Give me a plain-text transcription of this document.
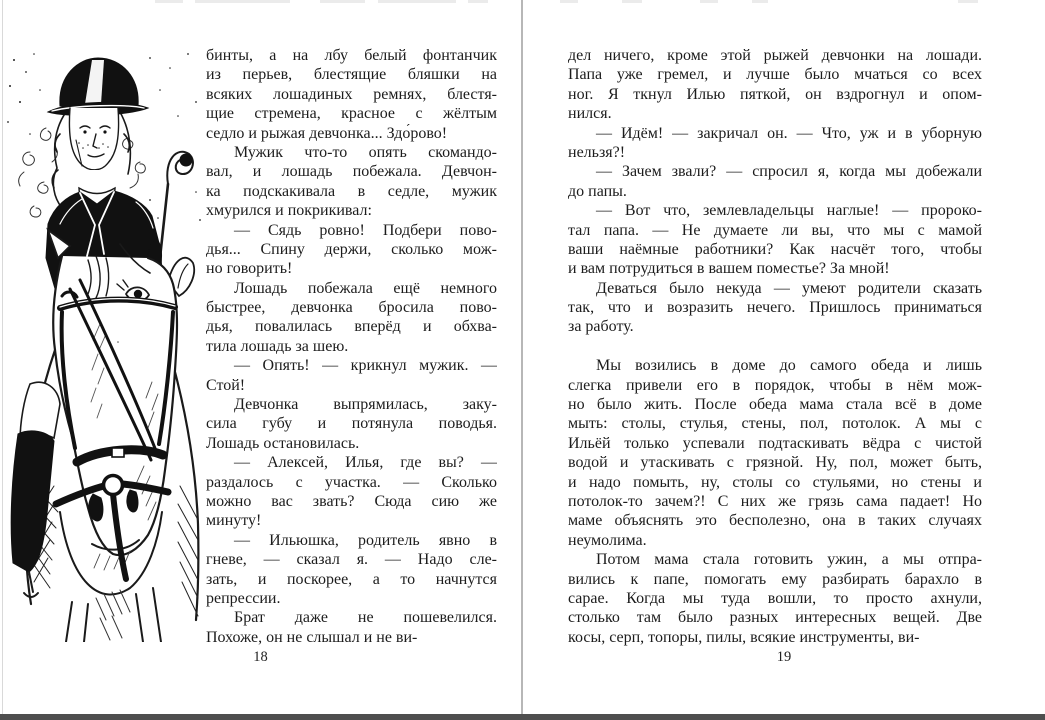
бинты, а на лбу белый фонтанчик
из перьев, блестящие бляшки на
всяких лошадиных ремнях, блестя-
щие стремена, красное с жёлтым
седло и рыжая девчонка... Здо́рово!
Мужик что-то опять скомандо-
вал, и лошадь побежала. Девчон-
ка подскакивала в седле, мужик
хмурился и покрикивал:
— Сядь ровно! Подбери пово-
дья... Спину держи, сколько мож-
но говорить!
Лошадь побежала ещё немного
быстрее, девчонка бросила пово-
дья, повалилась вперёд и обхва-
тила лошадь за шею.
— Опять! — крикнул мужик. —
Стой!
Девчонка выпрямилась, заку-
сила губу и потянула поводья.
Лошадь остановилась.
— Алексей, Илья, где вы? —
раздалось с участка. — Сколько
можно вас звать? Сюда сию же
минуту!
— Ильюшка, родитель явно в
гневе, — сказал я. — Надо сле-
зать, и поскорее, а то начнутся
репрессии.
Брат даже не пошевелился.
Похоже, он не слышал и не ви-
дел ничего, кроме этой рыжей девчонки на лошади.
Папа уже гремел, и лучше было мчаться со всех
ног. Я ткнул Илью пяткой, он вздрогнул и опом-
нился.
— Идём! — закричал он. — Что, уж и в уборную
нельзя?!
— Зачем звали? — спросил я, когда мы добежали
до папы.
— Вот что, землевладельцы наглые! — пророко-
тал папа. — Не думаете ли вы, что мы с мамой
ваши наёмные работники? Как насчёт того, чтобы
и вам потрудиться в вашем поместье? За мной!
Деваться было некуда — умеют родители сказать
так, что и возразить нечего. Пришлось приниматься
за работу.
Мы возились в доме до самого обеда и лишь
слегка привели его в порядок, чтобы в нём мож-
но было жить. После обеда мама стала всё в доме
мыть: столы, стулья, стены, пол, потолок. А мы с
Ильёй только успевали подтаскивать вёдра с чистой
водой и утаскивать с грязной. Ну, пол, может быть,
и надо помыть, ну, столы со стульями, но стены и
потолок-то зачем?! С них же грязь сама падает! Но
маме объяснять это бесполезно, она в таких случаях
неумолима.
Потом мама стала готовить ужин, а мы отпра-
вились к папе, помогать ему разбирать барахло в
сарае. Когда мы туда вошли, то просто ахнули,
столько там было разных интересных вещей. Две
косы, серп, топоры, пилы, всякие инструменты, ви-
18	19
